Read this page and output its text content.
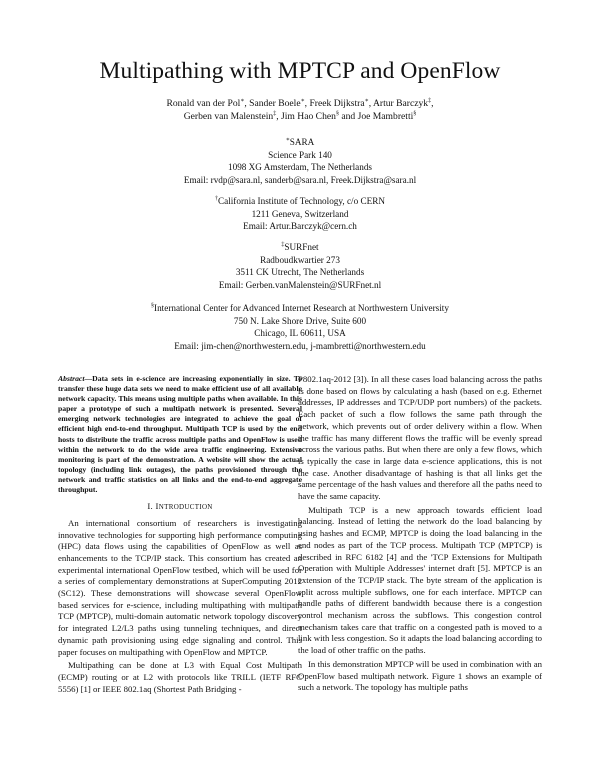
Multipathing with MPTCP and OpenFlow
Ronald van der Pol∗, Sander Boele∗, Freek Dijkstra∗, Artur Barczyk‡,
Gerben van Malenstein‡, Jim Hao Chen§ and Joe Mambretti§
∗SARA
Science Park 140
1098 XG Amsterdam, The Netherlands
Email: rvdp@sara.nl, sanderb@sara.nl, Freek.Dijkstra@sara.nl
†California Institute of Technology, c/o CERN
1211 Geneva, Switzerland
Email: Artur.Barczyk@cern.ch
‡SURFnet
Radboudkwartier 273
3511 CK Utrecht, The Netherlands
Email: Gerben.vanMalenstein@SURFnet.nl
§International Center for Advanced Internet Research at Northwestern University
750 N. Lake Shore Drive, Suite 600
Chicago, IL 60611, USA
Email: jim-chen@northwestern.edu, j-mambretti@northwestern.edu
Abstract—Data sets in e-science are increasing exponentially in size. To transfer these huge data sets we need to make efficient use of all available network capacity. This means using multiple paths when available. In this paper a prototype of such a multipath network is presented. Several emerging network technologies are integrated to achieve the goal of efficient high end-to-end throughput. Multipath TCP is used by the end hosts to distribute the traffic across multiple paths and OpenFlow is used within the network to do the wide area traffic engineering. Extensive monitoring is part of the demonstration. A website will show the actual topology (including link outages), the paths provisioned through the network and traffic statistics on all links and the end-to-end aggregate throughput.
I. INTRODUCTION

An international consortium of researchers is investigating innovative technologies for supporting high performance computing (HPC) data flows using the capabilities of OpenFlow as well as enhancements to the TCP/IP stack. This consortium has created an experimental international OpenFlow testbed, which will be used for a series of complementary demonstrations at SuperComputing 2012 (SC12). These demonstrations will showcase several OpenFlow based services for e-science, including multipathing with multipath TCP (MPTCP), multi-domain automatic network topology discovery for integrated L2/L3 paths using tunneling techniques, and direct dynamic path provisioning using edge signaling and control. This paper focuses on multipathing with OpenFlow and MPTCP.

Multipathing can be done at L3 with Equal Cost Multipath (ECMP) routing or at L2 with protocols like TRILL (IETF RFC 5556) [1] or IEEE 802.1aq (Shortest Path Bridging -

P802.1aq-2012 [3]). In all these cases load balancing across the paths is done based on flows by calculating a hash (based on e.g. Ethernet addresses, IP addresses and TCP/UDP port numbers) of the packets. Each packet of such a flow follows the same path through the network, which prevents out of order delivery within a flow. When the traffic has many different flows the traffic will be evenly spread across the various paths. But when there are only a few flows, which is typically the case in large data e-science applications, this is not the case. Another disadvantage of hashing is that all links get the same percentage of the hash values and therefore all the paths need to have the same capacity.

Multipath TCP is a new approach towards efficient load balancing. Instead of letting the network do the load balancing by using hashes and ECMP, MPTCP is doing the load balancing in the end nodes as part of the TCP process. Multipath TCP (MPTCP) is described in RFC 6182 [4] and the 'TCP Extensions for Multipath Operation with Multiple Addresses' internet draft [5]. MPTCP is an extension of the TCP/IP stack. The byte stream of the application is split across multiple subflows, one for each interface. MPTCP can handle paths of different bandwidth because there is a congestion control mechanism across the subflows. This congestion control mechanism takes care that traffic on a congested path is moved to a link with less congestion. So it adapts the load balancing according to the load of other traffic on the paths.

In this demonstration MPTCP will be used in combination with an OpenFlow based multipath network. Figure 1 shows an example of such a network. The topology has multiple paths
